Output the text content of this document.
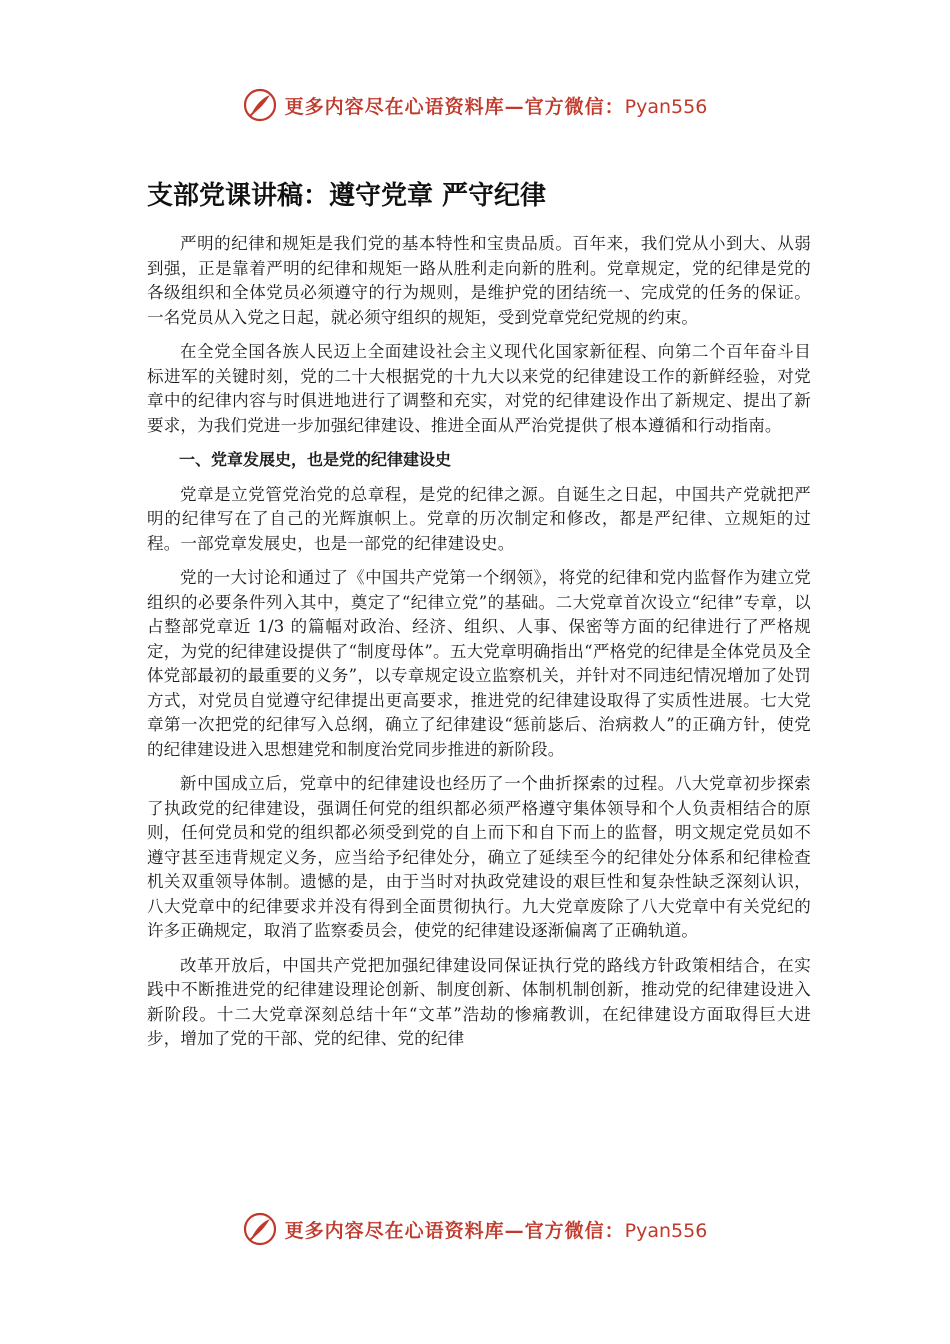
更多内容尽在心语资料库—官方微信：Pyan556
支部党课讲稿：遵守党章 严守纪律

严明的纪律和规矩是我们党的基本特性和宝贵品质。百年来，我们党从小到大、从弱到强，正是靠着严明的纪律和规矩一路从胜利走向新的胜利。党章规定，党的纪律是党的各级组织和全体党员必须遵守的行为规则，是维护党的团结统一、完成党的任务的保证。一名党员从入党之日起，就必须守组织的规矩，受到党章党纪党规的约束。

在全党全国各族人民迈上全面建设社会主义现代化国家新征程、向第二个百年奋斗目标进军的关键时刻，党的二十大根据党的十九大以来党的纪律建设工作的新鲜经验，对党章中的纪律内容与时俱进地进行了调整和充实，对党的纪律建设作出了新规定、提出了新要求，为我们党进一步加强纪律建设、推进全面从严治党提供了根本遵循和行动指南。

一、党章发展史，也是党的纪律建设史

党章是立党管党治党的总章程，是党的纪律之源。自诞生之日起，中国共产党就把严明的纪律写在了自己的光辉旗帜上。党章的历次制定和修改，都是严纪律、立规矩的过程。一部党章发展史，也是一部党的纪律建设史。

党的一大讨论和通过了《中国共产党第一个纲领》，将党的纪律和党内监督作为建立党组织的必要条件列入其中，奠定了“纪律立党”的基础。二大党章首次设立“纪律”专章，以占整部党章近 1/3 的篇幅对政治、经济、组织、人事、保密等方面的纪律进行了严格规定，为党的纪律建设提供了“制度母体”。五大党章明确指出“严格党的纪律是全体党员及全体党部最初的最重要的义务”，以专章规定设立监察机关，并针对不同违纪情况增加了处罚方式，对党员自觉遵守纪律提出更高要求，推进党的纪律建设取得了实质性进展。七大党章第一次把党的纪律写入总纲，确立了纪律建设“惩前毖后、治病救人”的正确方针，使党的纪律建设进入思想建党和制度治党同步推进的新阶段。

新中国成立后，党章中的纪律建设也经历了一个曲折探索的过程。八大党章初步探索了执政党的纪律建设，强调任何党的组织都必须严格遵守集体领导和个人负责相结合的原则，任何党员和党的组织都必须受到党的自上而下和自下而上的监督，明文规定党员如不遵守甚至违背规定义务，应当给予纪律处分，确立了延续至今的纪律处分体系和纪律检查机关双重领导体制。遗憾的是，由于当时对执政党建设的艰巨性和复杂性缺乏深刻认识，八大党章中的纪律要求并没有得到全面贯彻执行。九大党章废除了八大党章中有关党纪的许多正确规定，取消了监察委员会，使党的纪律建设逐渐偏离了正确轨道。

改革开放后，中国共产党把加强纪律建设同保证执行党的路线方针政策相结合，在实践中不断推进党的纪律建设理论创新、制度创新、体制机制创新，推动党的纪律建设进入新阶段。十二大党章深刻总结十年“文革”浩劫的惨痛教训，在纪律建设方面取得巨大进步，增加了党的干部、党的纪律、党的纪律

更多内容尽在心语资料库—官方微信：Pyan556
